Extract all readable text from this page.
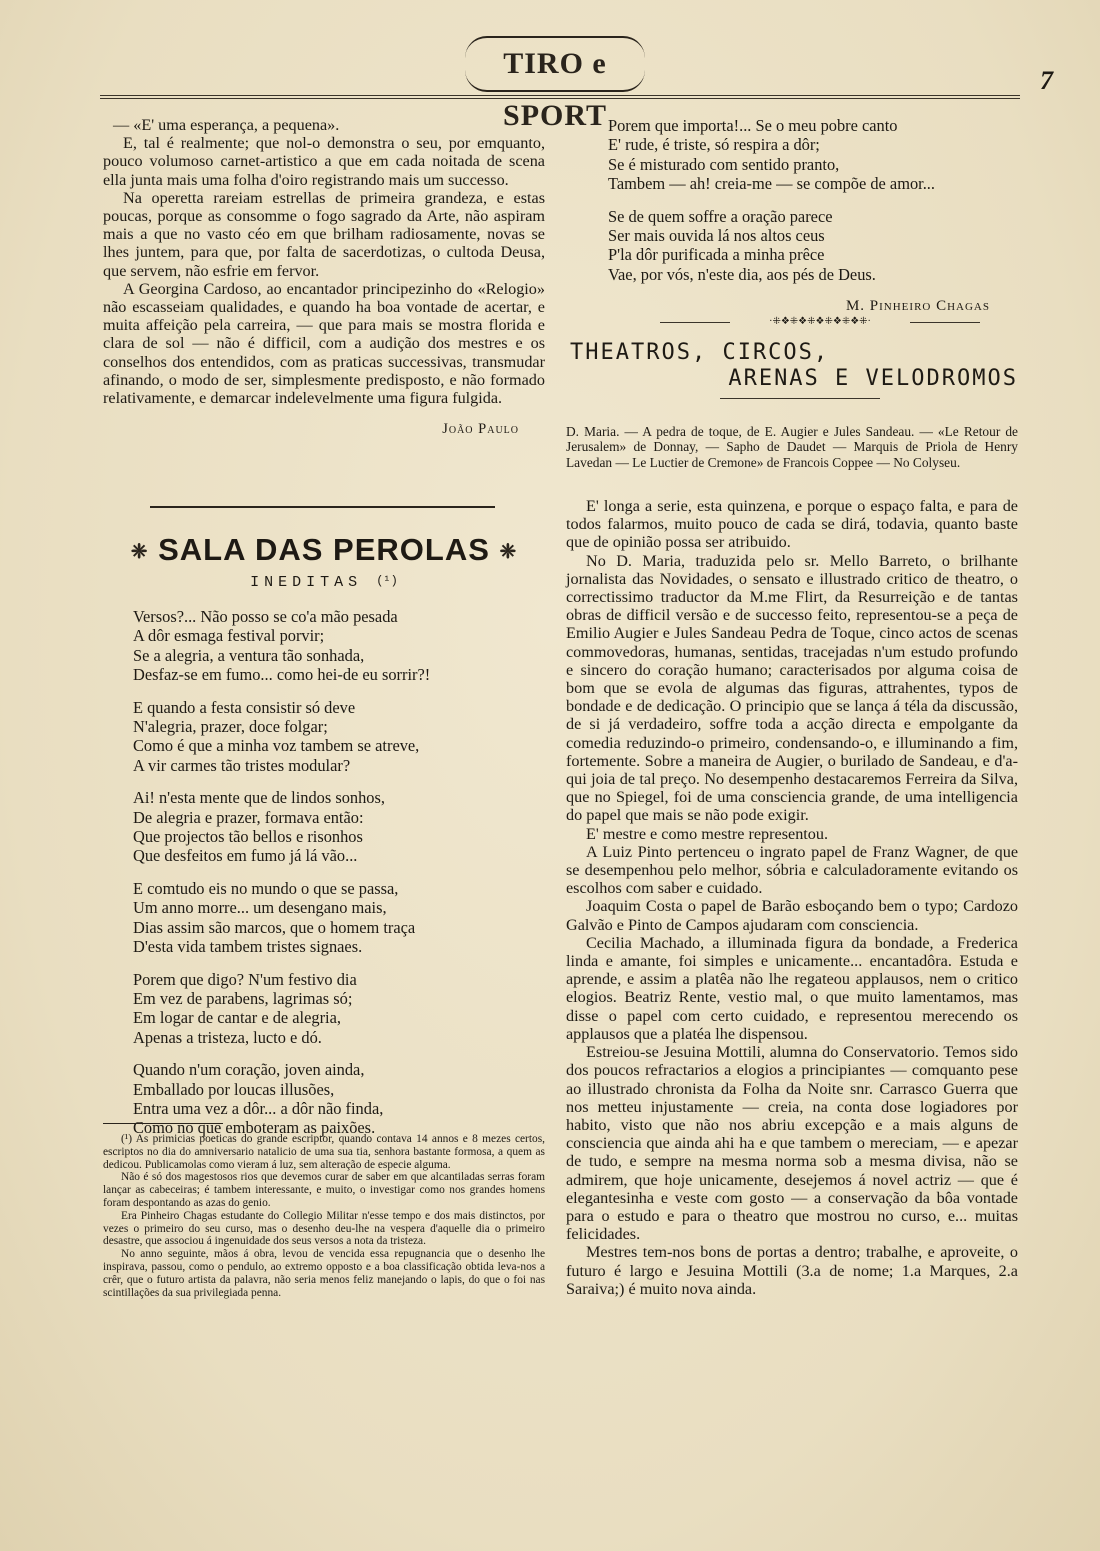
TIRO e SPORT
7

— «E' uma esperança, a pequena».

E, tal é realmente; que nol-o demonstra o seu, por emquanto, pouco volumoso carnet-artistico a que em cada noitada de scena ella junta mais uma folha d'oiro registrando mais um successo.

Na operetta rareiam estrellas de primeira grandeza, e estas poucas, porque as consomme o fogo sagrado da Arte, não aspiram mais a que no vasto céo em que brilham radiosamente, novas se lhes juntem, para que, por falta de sacerdotizas, o cultoda Deusa, que servem, não esfrie em fervor.

A Georgina Cardoso, ao encantador principezinho do «Relogio» não escasseiam qualidades, e quando ha boa vontade de acertar, e muita affeição pela carreira, — que para mais se mostra florida e clara de sol — não é difficil, com a audição dos mestres e os conselhos dos entendidos, com as praticas successivas, transmudar afinando, o modo de ser, simplesmente predisposto, e não formado relativamente, e demarcar indelevelmente uma figura fulgida.

João Paulo
❈ SALA DAS PEROLAS ❈
INEDITAS $^{(^1)}$
Versos?... Não posso se co'a mão pesada
A dôr esmaga festival porvir;
Se a alegria, a ventura tão sonhada,
Desfaz-se em fumo... como hei-de eu sorrir?!
E quando a festa consistir só deve
N'alegria, prazer, doce folgar;
Como é que a minha voz tambem se atreve,
A vir carmes tão tristes modular?
Ai! n'esta mente que de lindos sonhos,
De alegria e prazer, formava então:
Que projectos tão bellos e risonhos
Que desfeitos em fumo já lá vão...
E comtudo eis no mundo o que se passa,
Um anno morre... um desengano mais,
Dias assim são marcos, que o homem traça
D'esta vida tambem tristes signaes.
Porem que digo? N'um festivo dia
Em vez de parabens, lagrimas só;
Em logar de cantar e de alegria,
Apenas a tristeza, lucto e dó.
Quando n'um coração, joven ainda,
Emballado por loucas illusões,
Entra uma vez a dôr... a dôr não finda,
Como no que emboteram as paixões.

(¹) As primicias poeticas do grande escriptor, quando contava 14 annos e 8 mezes certos, escriptos no dia do amniversario natalicio de uma sua tia, senhora bastante formosa, a quem as dedicou. Publicamolas como vieram á luz, sem alteração de especie alguma.

Não é só dos magestosos rios que devemos curar de saber em que alcantiladas serras foram lançar as cabeceiras; é tambem interessante, e muito, o investigar como nos grandes homens foram despontando as azas do genio.

Era Pinheiro Chagas estudante do Collegio Militar n'esse tempo e dos mais distinctos, por vezes o primeiro do seu curso, mas o desenho deu-lhe na vespera d'aquelle dia o primeiro desastre, que associou á ingenuidade dos seus versos a nota da tristeza.

No anno seguinte, mãos á obra, levou de vencida essa repugnancia que o desenho lhe inspirava, passou, como o pendulo, ao extremo opposto e a boa classificação obtida leva-nos a crêr, que o futuro artista da palavra, não seria menos feliz manejando o lapis, do que o foi nas scintillações da sua privilegiada penna.

Porem que importa!... Se o meu pobre canto
E' rude, é triste, só respira a dôr;
Se é misturado com sentido pranto,
Tambem — ah! creia-me — se compõe de amor...
Se de quem soffre a oração parece
Ser mais ouvida lá nos altos ceus
P'la dôr purificada a minha prêce
Vae, por vós, n'este dia, aos pés de Deus.
M. Pinheiro Chagas
·⁜❖⁜❖⁜❖⁜❖⁜❖⁜·
THEATROS, CIRCOS,
ARENAS E VELODROMOS
D. Maria. — A pedra de toque, de E. Augier e Jules Sandeau. — «Le Retour de Jerusalem» de Donnay, — Sapho de Daudet — Marquis de Priola de Henry Lavedan — Le Luctier de Cremone» de Francois Coppee — No Colyseu.

E' longa a serie, esta quinzena, e porque o espaço falta, e para de todos falarmos, muito pouco de cada se dirá, todavia, quanto baste que de opinião possa ser atribuido.

No D. Maria, traduzida pelo sr. Mello Barreto, o brilhante jornalista das Novidades, o sensato e illustrado critico de theatro, o correctissimo traductor da M.me Flirt, da Resurreição e de tantas obras de difficil versão e de successo feito, representou-se a peça de Emilio Augier e Jules Sandeau Pedra de Toque, cinco actos de scenas commovedoras, humanas, sentidas, tracejadas n'um estudo profundo e sincero do coração humano; caracterisados por alguma coisa de bom que se evola de algumas das figuras, attrahentes, typos de bondade e de dedicação. O principio que se lança á téla da discussão, de si já verdadeiro, soffre toda a acção directa e empolgante da comedia reduzindo-o primeiro, condensando-o, e illuminando a fim, fortemente. Sobre a maneira de Augier, o burilado de Sandeau, e d'aqui joia de tal preço. No desempenho destacaremos Ferreira da Silva, que no Spiegel, foi de uma consciencia grande, de uma intelligencia do papel que mais se não pode exigir.

E' mestre e como mestre representou.

A Luiz Pinto pertenceu o ingrato papel de Franz Wagner, de que se desempenhou pelo melhor, sóbria e calculadoramente evitando os escolhos com saber e cuidado.

Joaquim Costa o papel de Barão esboçando bem o typo; Cardozo Galvão e Pinto de Campos ajudaram com consciencia.

Cecilia Machado, a illuminada figura da bondade, a Frederica linda e amante, foi simples e unicamente... encantadôra. Estuda e aprende, e assim a platêa não lhe regateou applausos, nem o critico elogios. Beatriz Rente, vestio mal, o que muito lamentamos, mas disse o papel com certo cuidado, e representou merecendo os applausos que a platéa lhe dispensou.

Estreiou-se Jesuina Mottili, alumna do Conservatorio. Temos sido dos poucos refractarios a elogios a principiantes — comquanto pese ao illustrado chronista da Folha da Noite snr. Carrasco Guerra que nos metteu injustamente — creia, na conta dose logiadores por habito, visto que não nos abriu excepção e a mais alguns de consciencia que ainda ahi ha e que tambem o mereciam, — e apezar de tudo, e sempre na mesma norma sob a mesma divisa, não se admirem, que hoje unicamente, desejemos á novel actriz — que é elegantesinha e veste com gosto — a conservação da bôa vontade para o estudo e para o theatro que mostrou no curso, e... muitas felicidades.

Mestres tem-nos bons de portas a dentro; trabalhe, e aproveite, o futuro é largo e Jesuina Mottili (3.a de nome; 1.a Marques, 2.a Saraiva;) é muito nova ainda.
